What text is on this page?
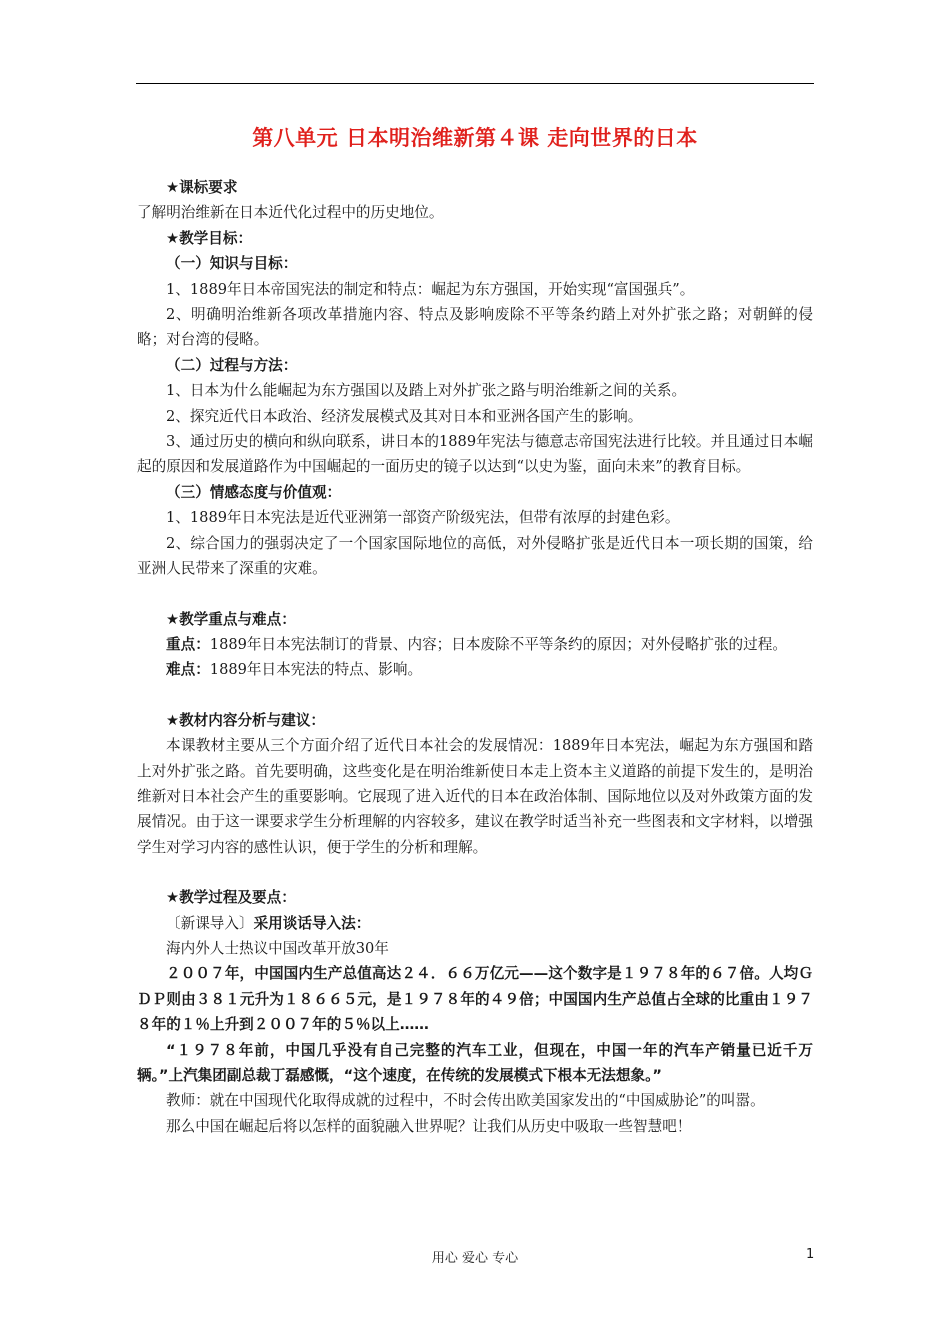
第八单元 日本明治维新第４课 走向世界的日本

★课标要求

了解明治维新在日本近代化过程中的历史地位。

★教学目标：

（一）知识与目标：

1、1889年日本帝国宪法的制定和特点：崛起为东方强国，开始实现“富国强兵”。

2、明确明治维新各项改革措施内容、特点及影响废除不平等条约踏上对外扩张之路；对朝鲜的侵略；对台湾的侵略。

（二）过程与方法：

1、日本为什么能崛起为东方强国以及踏上对外扩张之路与明治维新之间的关系。

2、探究近代日本政治、经济发展模式及其对日本和亚洲各国产生的影响。

3、通过历史的横向和纵向联系，讲日本的1889年宪法与德意志帝国宪法进行比较。并且通过日本崛起的原因和发展道路作为中国崛起的一面历史的镜子以达到“以史为鉴，面向未来”的教育目标。

（三）情感态度与价值观：

1、1889年日本宪法是近代亚洲第一部资产阶级宪法，但带有浓厚的封建色彩。

2、综合国力的强弱决定了一个国家国际地位的高低，对外侵略扩张是近代日本一项长期的国策，给亚洲人民带来了深重的灾难。

★教学重点与难点：

重点：1889年日本宪法制订的背景、内容；日本废除不平等条约的原因；对外侵略扩张的过程。

难点：1889年日本宪法的特点、影响。

★教材内容分析与建议：

本课教材主要从三个方面介绍了近代日本社会的发展情况：1889年日本宪法，崛起为东方强国和踏上对外扩张之路。首先要明确，这些变化是在明治维新使日本走上资本主义道路的前提下发生的，是明治维新对日本社会产生的重要影响。它展现了进入近代的日本在政治体制、国际地位以及对外政策方面的发展情况。由于这一课要求学生分析理解的内容较多，建议在教学时适当补充一些图表和文字材料，以增强学生对学习内容的感性认识，便于学生的分析和理解。

★教学过程及要点：

〔新课导入〕采用谈话导入法：

海内外人士热议中国改革开放30年

２００７年，中国国内生产总值高达２４．６６万亿元——这个数字是１９７８年的６７倍。人均ＧＤＰ则由３８１元升为１８６６５元，是１９７８年的４９倍；中国国内生产总值占全球的比重由１９７８年的１％上升到２００７年的５％以上……

“１９７８年前，中国几乎没有自己完整的汽车工业，但现在，中国一年的汽车产销量已近千万辆。”上汽集团副总裁丁磊感慨，“这个速度，在传统的发展模式下根本无法想象。”

教师：就在中国现代化取得成就的过程中，不时会传出欧美国家发出的“中国威胁论”的叫嚣。

那么中国在崛起后将以怎样的面貌融入世界呢？让我们从历史中吸取一些智慧吧！

用心 爱心 专心	1
